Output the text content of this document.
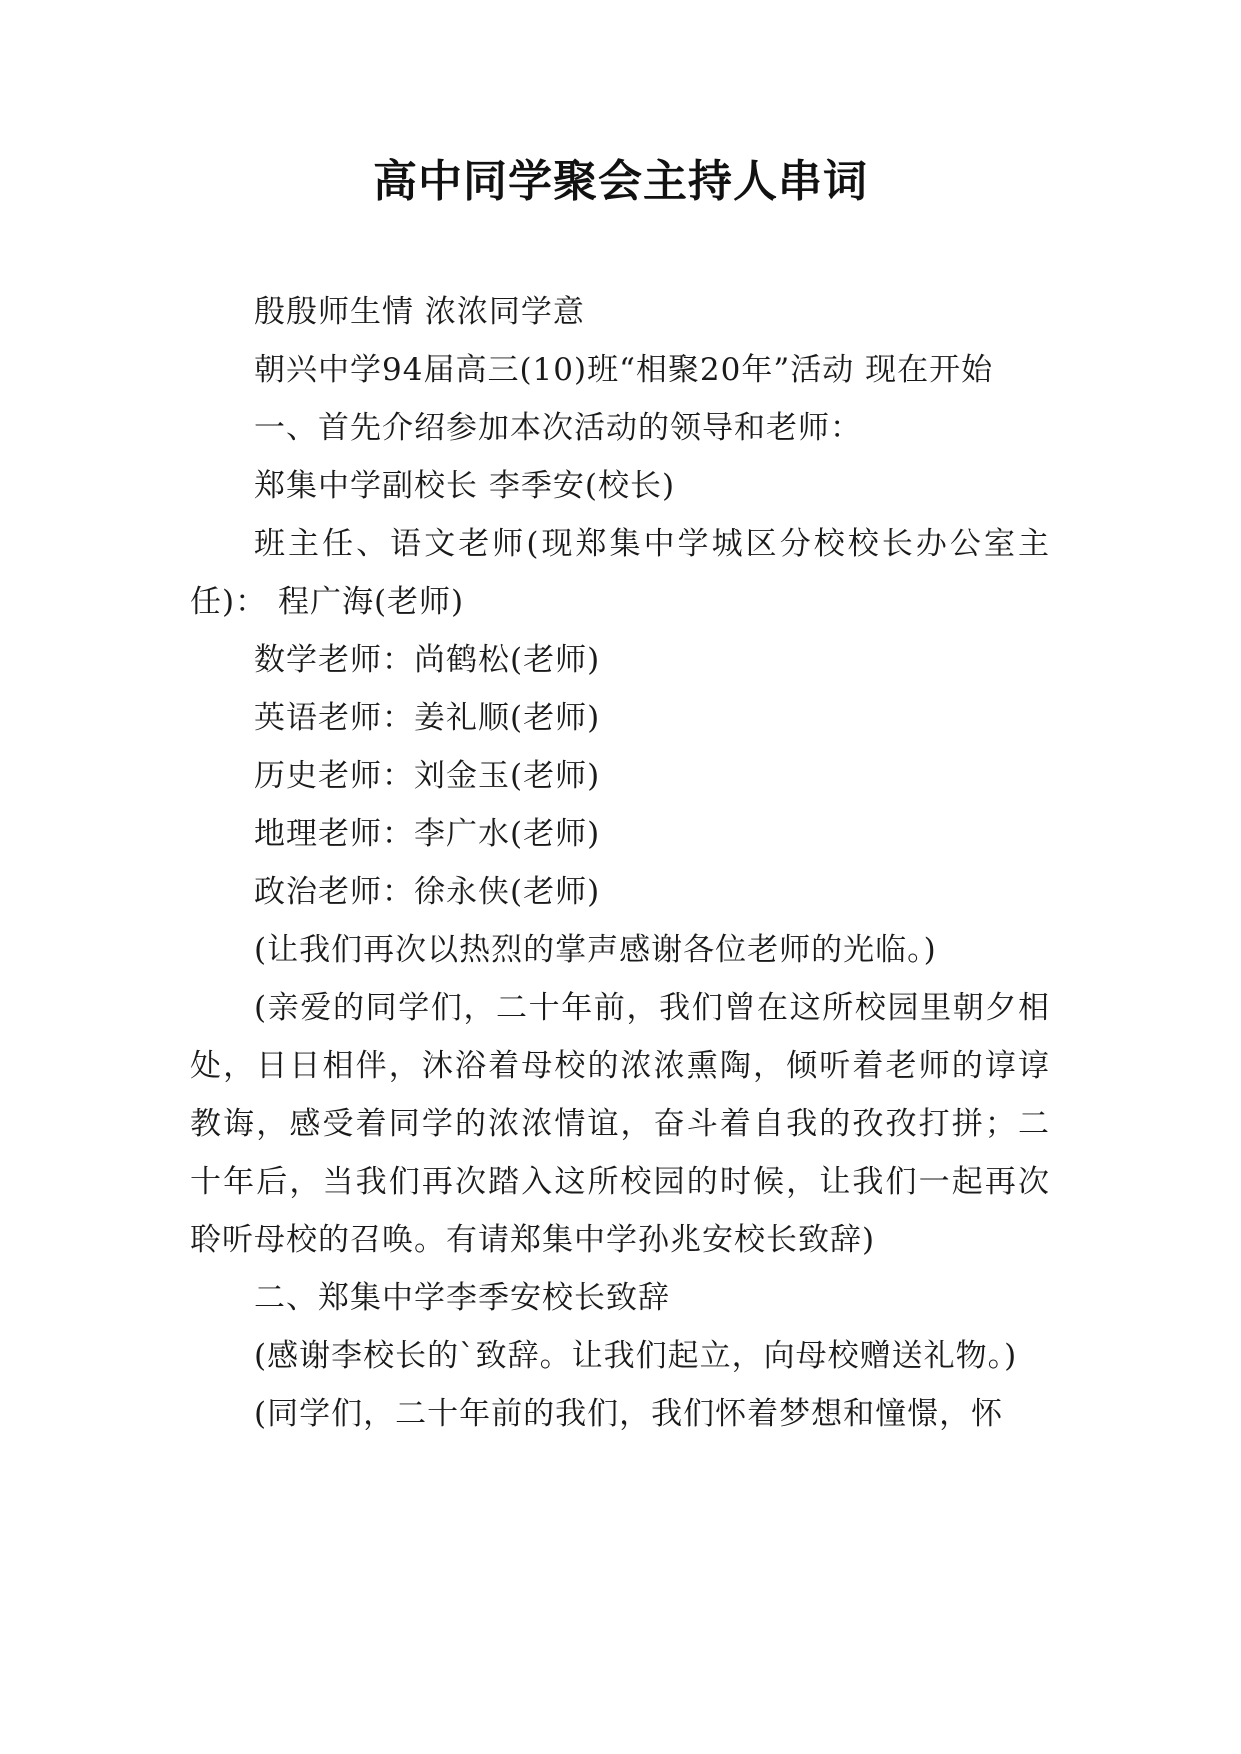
高中同学聚会主持人串词

殷殷师生情 浓浓同学意

朝兴中学94届高三(10)班“相聚20年”活动 现在开始

一、首先介绍参加本次活动的领导和老师：

郑集中学副校长 李季安(校长)

班主任、语文老师(现郑集中学城区分校校长办公室主任)： 程广海(老师)

数学老师：尚鹤松(老师)

英语老师：姜礼顺(老师)

历史老师：刘金玉(老师)

地理老师：李广水(老师)

政治老师：徐永侠(老师)

(让我们再次以热烈的掌声感谢各位老师的光临。)

(亲爱的同学们，二十年前，我们曾在这所校园里朝夕相处，日日相伴，沐浴着母校的浓浓熏陶，倾听着老师的谆谆教诲，感受着同学的浓浓情谊，奋斗着自我的孜孜打拼；二十年后，当我们再次踏入这所校园的时候，让我们一起再次聆听母校的召唤。有请郑集中学孙兆安校长致辞)

二、郑集中学李季安校长致辞

(感谢李校长的`致辞。让我们起立，向母校赠送礼物。)

(同学们，二十年前的我们，我们怀着梦想和憧憬，怀
